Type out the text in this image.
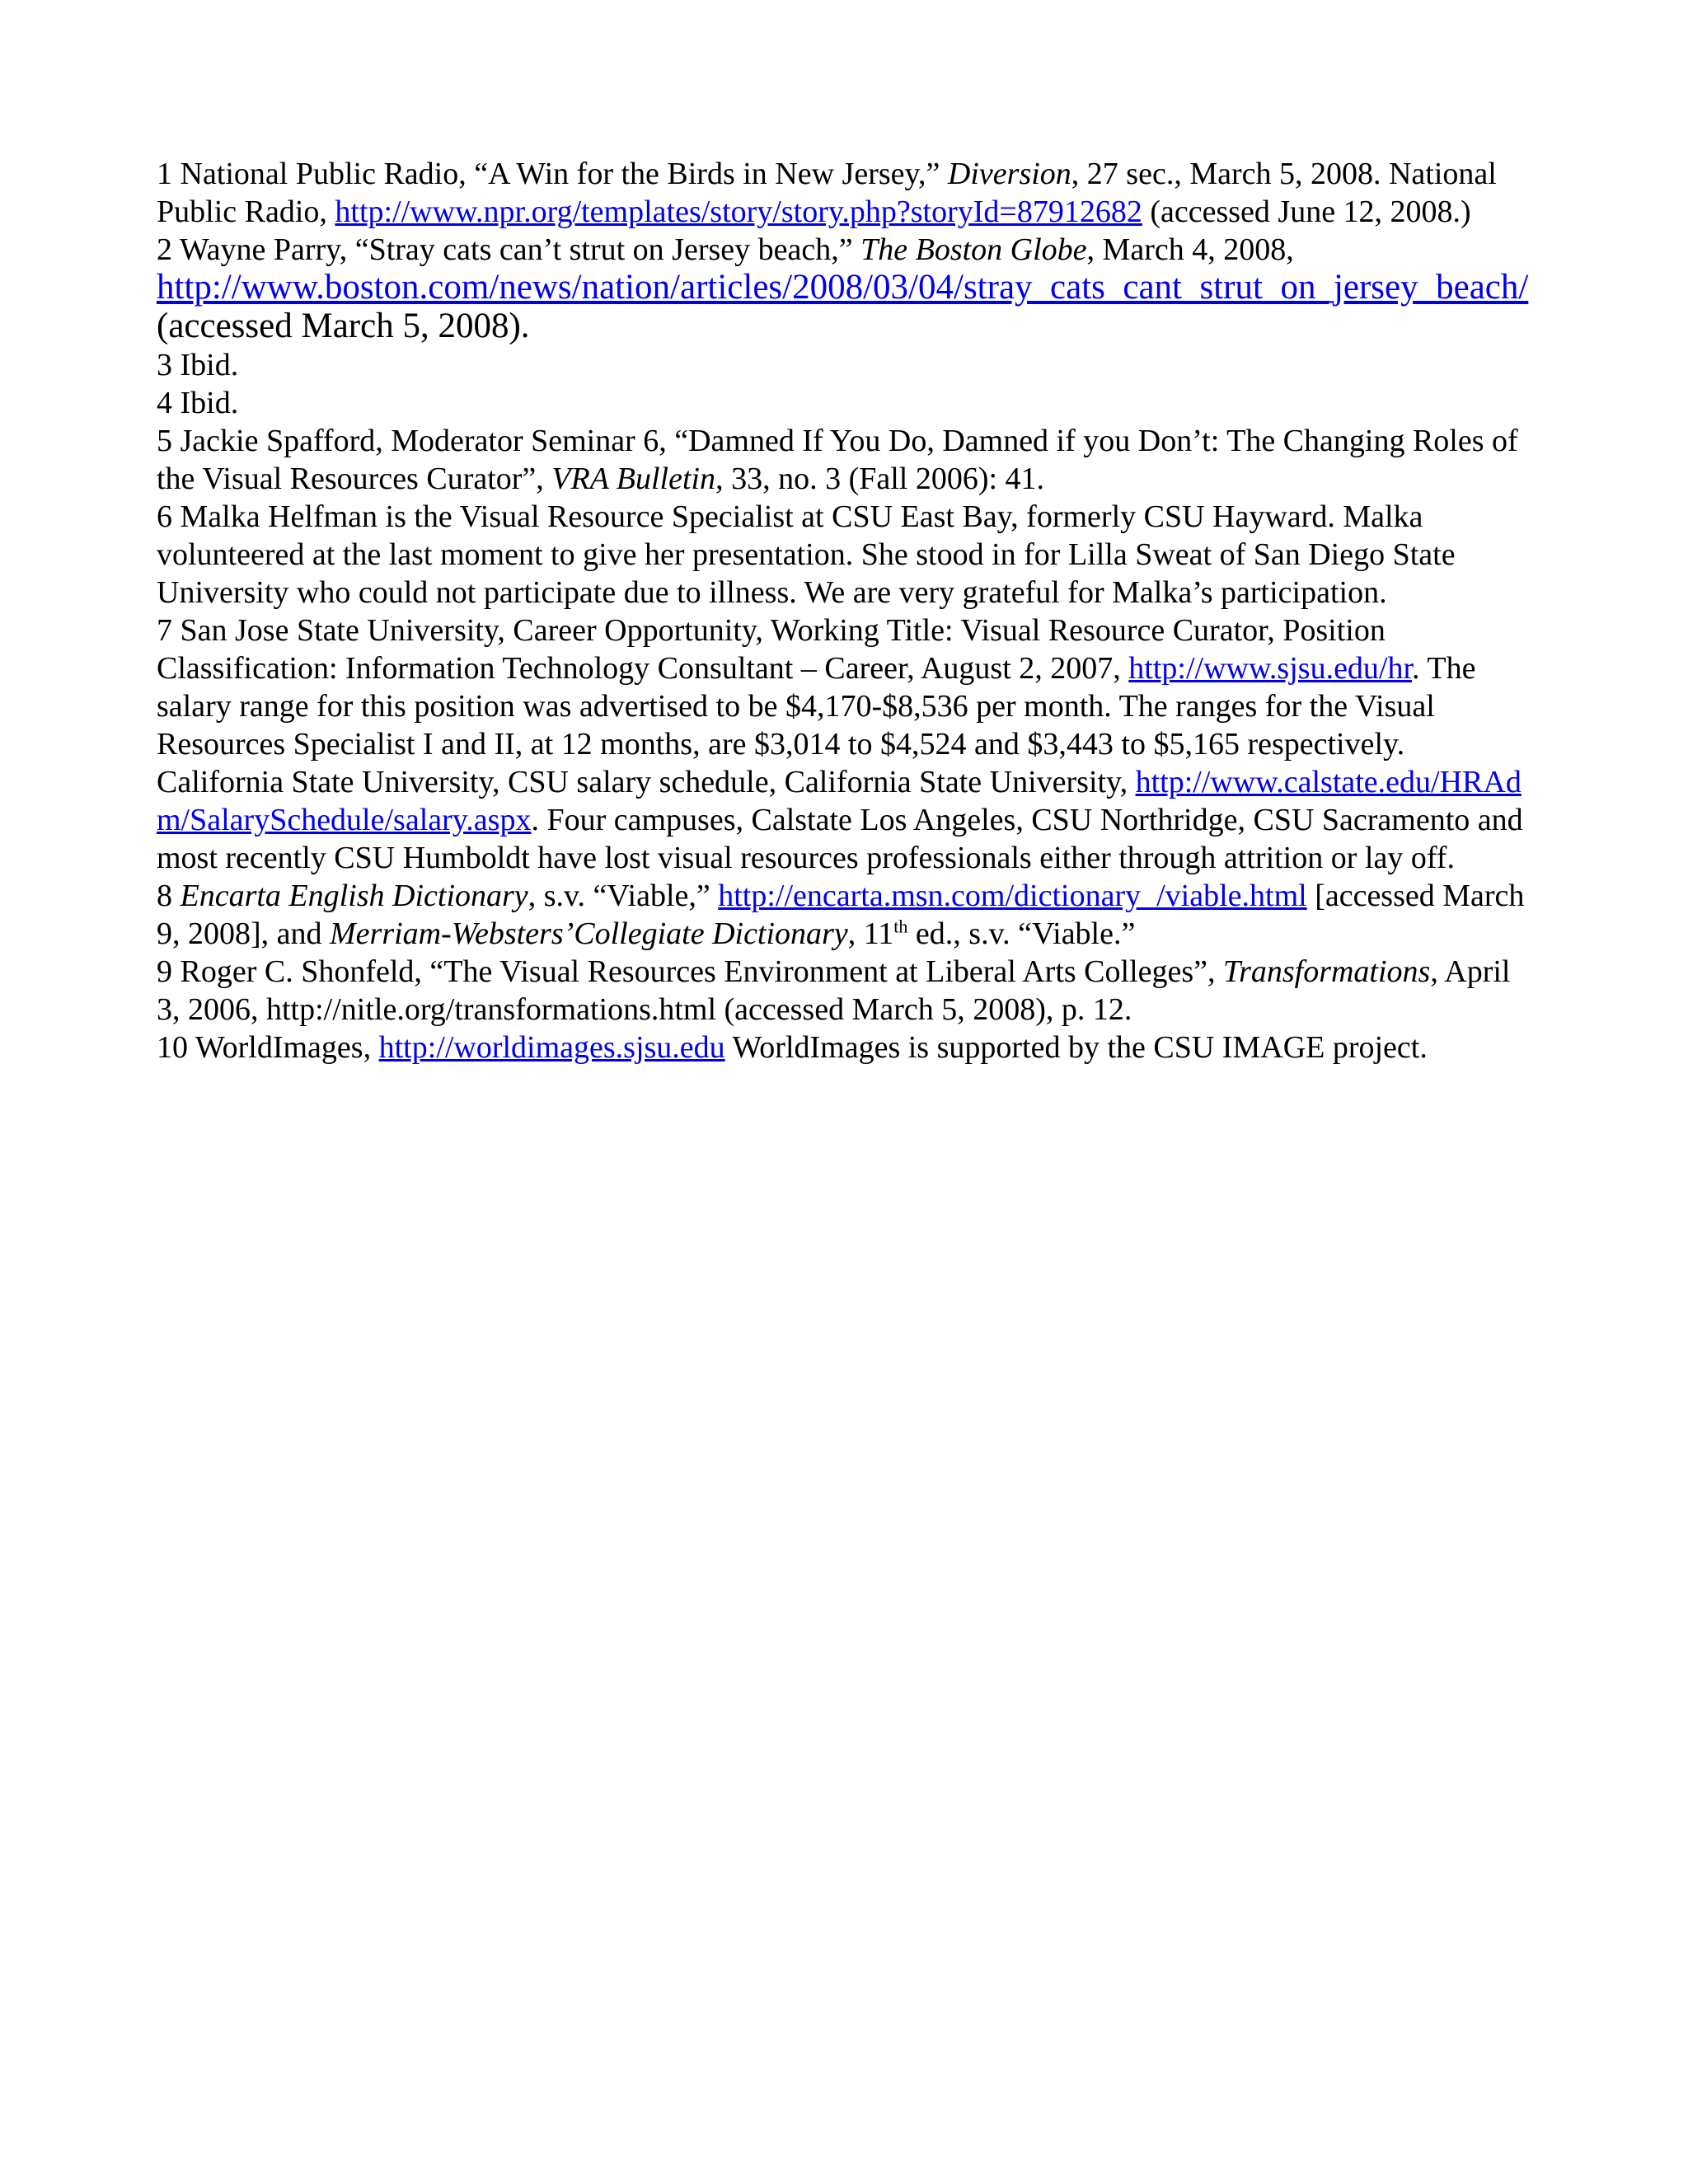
1 National Public Radio, “A Win for the Birds in New Jersey,” Diversion, 27 sec., March 5, 2008. National Public Radio, http://www.npr.org/templates/story/story.php?storyId=87912682 (accessed June 12, 2008.)

2 Wayne Parry, “Stray cats can’t strut on Jersey beach,” The Boston Globe, March 4, 2008,
http://www.boston.com/news/nation/articles/2008/03/04/stray_cats_cant_strut_on_jersey_beach/ (accessed March 5, 2008).

3 Ibid.

4 Ibid.

5 Jackie Spafford, Moderator Seminar 6, “Damned If You Do, Damned if you Don’t: The Changing Roles of the Visual Resources Curator”, VRA Bulletin, 33, no. 3 (Fall 2006): 41.

6 Malka Helfman is the Visual Resource Specialist at CSU East Bay, formerly CSU Hayward. Malka volunteered at the last moment to give her presentation. She stood in for Lilla Sweat of San Diego State University who could not participate due to illness. We are very grateful for Malka’s participation.

7 San Jose State University, Career Opportunity, Working Title: Visual Resource Curator, Position Classification: Information Technology Consultant – Career, August 2, 2007, http://www.sjsu.edu/hr. The salary range for this position was advertised to be $4,170-$8,536 per month. The ranges for the Visual Resources Specialist I and II, at 12 months, are $3,014 to $4,524 and $3,443 to $5,165 respectively. California State University, CSU salary schedule, California State University, http://www.calstate.edu/HRAdm/SalarySchedule/salary.aspx. Four campuses, Calstate Los Angeles, CSU Northridge, CSU Sacramento and most recently CSU Humboldt have lost visual resources professionals either through attrition or lay off.

8 Encarta English Dictionary, s.v. “Viable,” http://encarta.msn.com/dictionary_/viable.html [accessed March 9, 2008], and Merriam-Websters’Collegiate Dictionary, 11th ed., s.v. “Viable.”

9 Roger C. Shonfeld, “The Visual Resources Environment at Liberal Arts Colleges”, Transformations, April 3, 2006, http://nitle.org/transformations.html (accessed March 5, 2008), p. 12.

10 WorldImages, http://worldimages.sjsu.edu WorldImages is supported by the CSU IMAGE project.
